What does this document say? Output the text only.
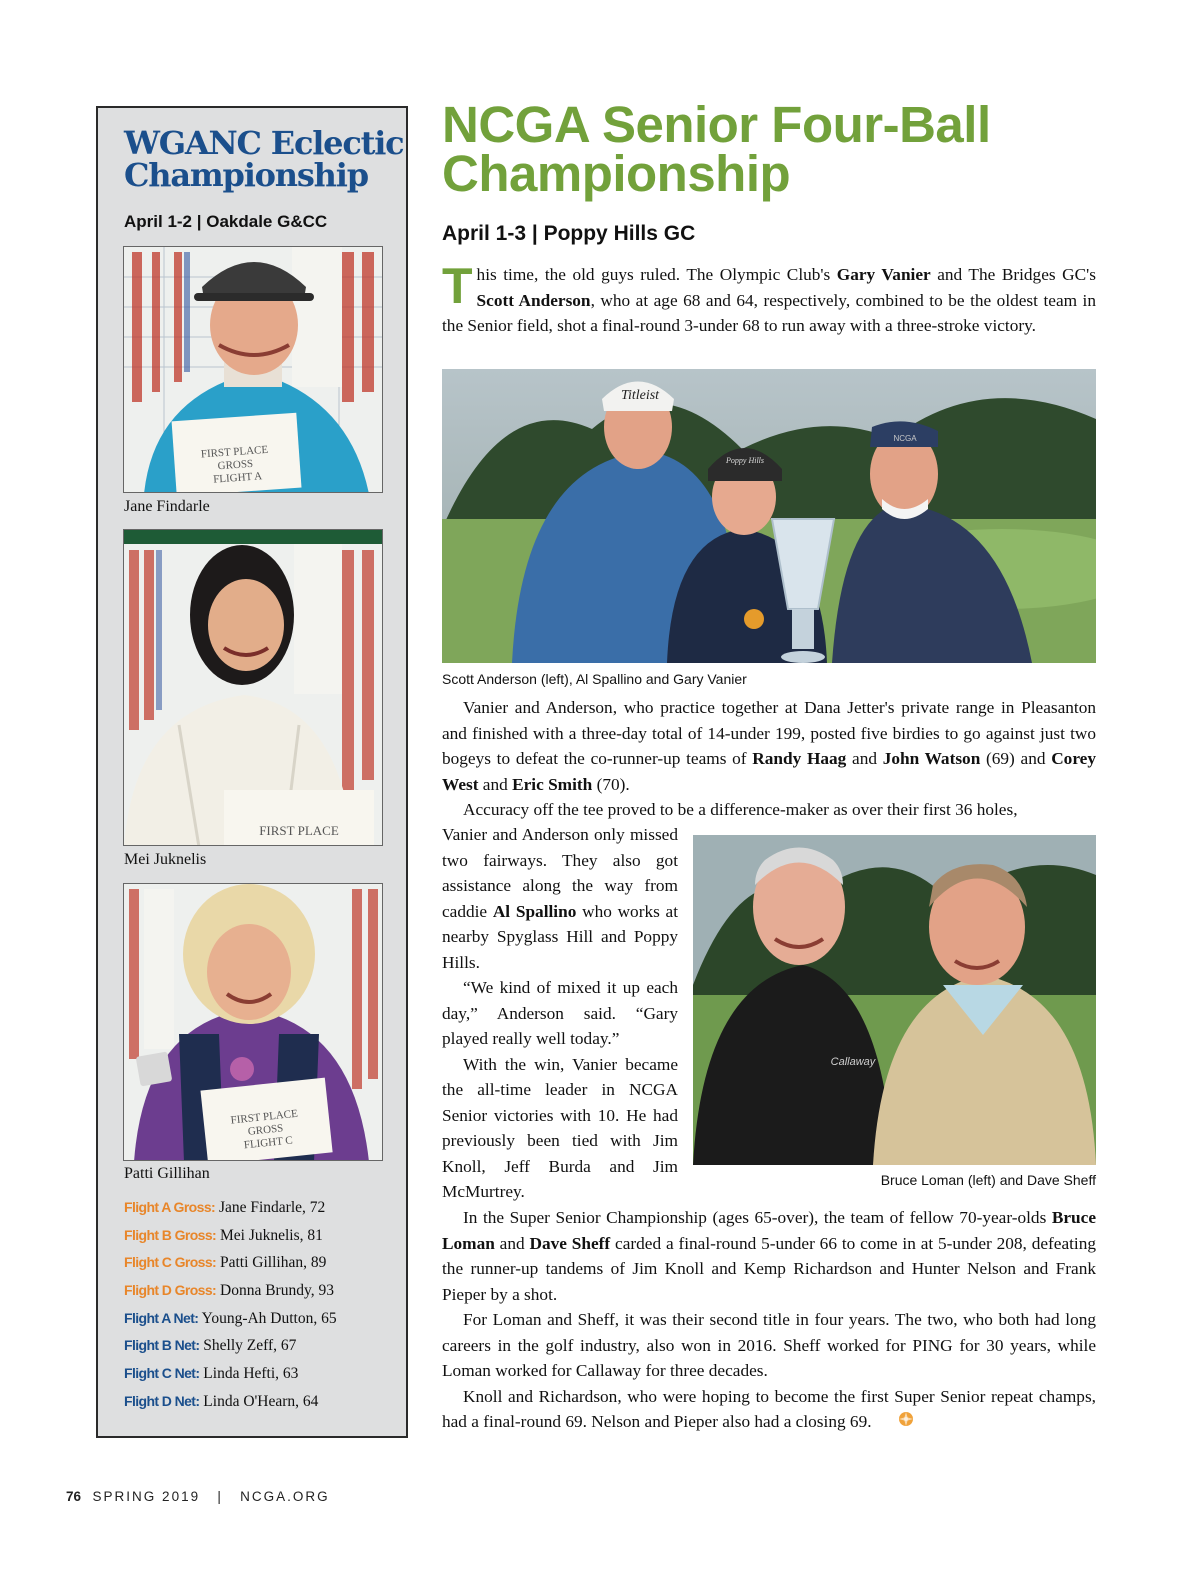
WGANC Eclectic
Championship
April 1-2 | Oakdale G&CC
FIRST PLACE GROSS FLIGHT A
Jane Findarle
FIRST PLACE
Mei Juknelis
FIRST PLACE GROSS FLIGHT C
Patti Gillihan
Flight A Gross: Jane Findarle, 72
Flight B Gross: Mei Juknelis, 81
Flight C Gross: Patti Gillihan, 89
Flight D Gross: Donna Brundy, 93
Flight A Net: Young-Ah Dutton, 65
Flight B Net: Shelly Zeff, 67
Flight C Net: Linda Hefti, 63
Flight D Net: Linda O'Hearn, 64
NCGA Senior Four-Ball
Championship
April 1-3 | Poppy Hills GC

This time, the old guys ruled. The Olympic Club's Gary Vanier and The Bridges GC's Scott Anderson, who at age 68 and 64, respectively, combined to be the oldest team in the Senior field, shot a final-round 3-under 68 to run away with a three-stroke victory.

Titleist
NCGA
Poppy Hills
Scott Anderson (left), Al Spallino and Gary Vanier

Vanier and Anderson, who practice together at Dana Jetter's private range in Pleasanton and finished with a three-day total of 14-under 199, posted five birdies to go against just two bogeys to defeat the co-runner-up teams of Randy Haag and John Watson (69) and Corey West and Eric Smith (70).

Accuracy off the tee proved to be a difference-maker as over their first 36 holes,

Vanier and Anderson only missed two fairways. They also got assistance along the way from caddie Al Spallino who works at nearby Spyglass Hill and Poppy Hills.

“We kind of mixed it up each day,” Anderson said. “Gary played really well today.”

With the win, Vanier became the all-time leader in NCGA Senior victories with 10. He had previously been tied with Jim Knoll, Jeff Burda and Jim McMurtrey.

Callaway
Bruce Loman (left) and Dave Sheff

In the Super Senior Championship (ages 65-over), the team of fellow 70-year-olds Bruce Loman and Dave Sheff carded a final-round 5-under 66 to come in at 5-under 208, defeating the runner-up tandems of Jim Knoll and Kemp Richardson and Hunter Nelson and Frank Pieper by a shot.

For Loman and Sheff, it was their second title in four years. The two, who both had long careers in the golf industry, also won in 2016. Sheff worked for PING for 30 years, while Loman worked for Callaway for three decades.

Knoll and Richardson, who were hoping to become the first Super Senior repeat champs, had a final-round 69. Nelson and Pieper also had a closing 69.

76 SPRING 2019 | NCGA.ORG
